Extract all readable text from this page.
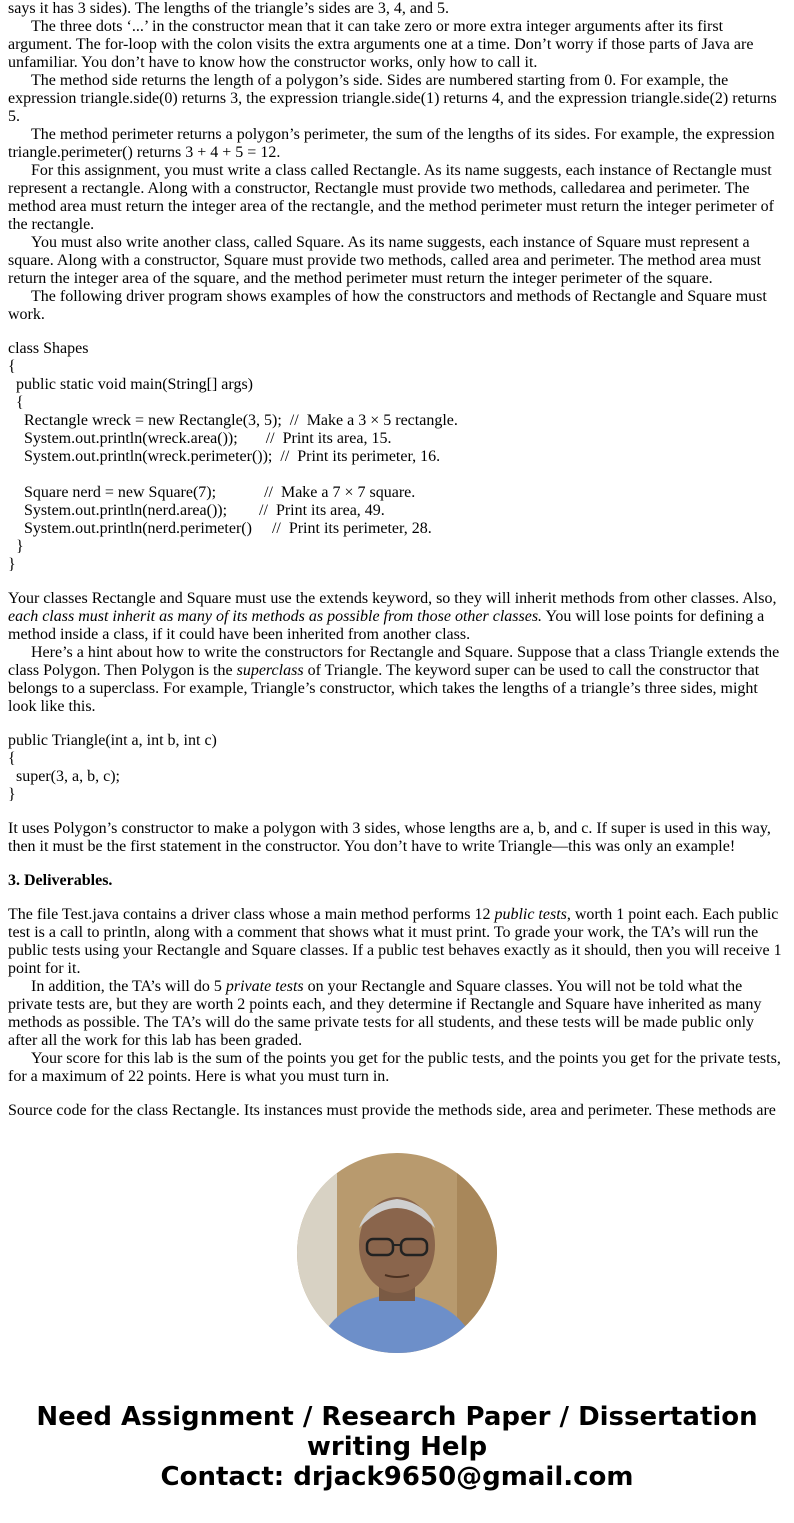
says it has 3 sides). The lengths of the triangle’s sides are 3, 4, and 5.

The three dots ‘...’ in the constructor mean that it can take zero or more extra integer arguments after its first argument. The for-loop with the colon visits the extra arguments one at a time. Don’t worry if those parts of Java are unfamiliar. You don’t have to know how the constructor works, only how to call it.

The method side returns the length of a polygon’s side. Sides are numbered starting from 0. For example, the expression triangle.side(0) returns 3, the expression triangle.side(1) returns 4, and the expression triangle.side(2) returns 5.

The method perimeter returns a polygon’s perimeter, the sum of the lengths of its sides. For example, the expression triangle.perimeter() returns 3 + 4 + 5 = 12.

For this assignment, you must write a class called Rectangle. As its name suggests, each instance of Rectangle must represent a rectangle. Along with a constructor, Rectangle must provide two methods, calledarea and perimeter. The method area must return the integer area of the rectangle, and the method perimeter must return the integer perimeter of the rectangle.

You must also write another class, called Square. As its name suggests, each instance of Square must represent a square. Along with a constructor, Square must provide two methods, called area and perimeter. The method area must return the integer area of the square, and the method perimeter must return the integer perimeter of the square.

The following driver program shows examples of how the constructors and methods of Rectangle and Square must work.

class Shapes
{
public static void main(String[] args)
{
Rectangle wreck = new Rectangle(3, 5);  //  Make a 3 × 5 rectangle.
System.out.println(wreck.area());       //  Print its area, 15.
System.out.println(wreck.perimeter());  //  Print its perimeter, 16.

Square nerd = new Square(7);            //  Make a 7 × 7 square.
System.out.println(nerd.area());        //  Print its area, 49.
System.out.println(nerd.perimeter()     //  Print its perimeter, 28.
}
}

Your classes Rectangle and Square must use the extends keyword, so they will inherit methods from other classes. Also, each class must inherit as many of its methods as possible from those other classes. You will lose points for defining a method inside a class, if it could have been inherited from another class.

Here’s a hint about how to write the constructors for Rectangle and Square. Suppose that a class Triangle extends the class Polygon. Then Polygon is the superclass of Triangle. The keyword super can be used to call the constructor that belongs to a superclass. For example, Triangle’s constructor, which takes the lengths of a triangle’s three sides, might look like this.

public Triangle(int a, int b, int c)
{
super(3, a, b, c);
}

It uses Polygon’s constructor to make a polygon with 3 sides, whose lengths are a, b, and c. If super is used in this way, then it must be the first statement in the constructor. You don’t have to write Triangle—this was only an example!

3. Deliverables.

The file Test.java contains a driver class whose a main method performs 12 public tests, worth 1 point each. Each public test is a call to println, along with a comment that shows what it must print. To grade your work, the TA’s will run the public tests using your Rectangle and Square classes. If a public test behaves exactly as it should, then you will receive 1 point for it.

In addition, the TA’s will do 5 private tests on your Rectangle and Square classes. You will not be told what the private tests are, but they are worth 2 points each, and they determine if Rectangle and Square have inherited as many methods as possible. The TA’s will do the same private tests for all students, and these tests will be made public only after all the work for this lab has been graded.

Your score for this lab is the sum of the points you get for the public tests, and the points you get for the private tests, for a maximum of 22 points. Here is what you must turn in.

Source code for the class Rectangle. Its instances must provide the methods side, area and perimeter. These methods are

Need Assignment / Research Paper / Dissertation writing Help
Contact: drjack9650@gmail.com
